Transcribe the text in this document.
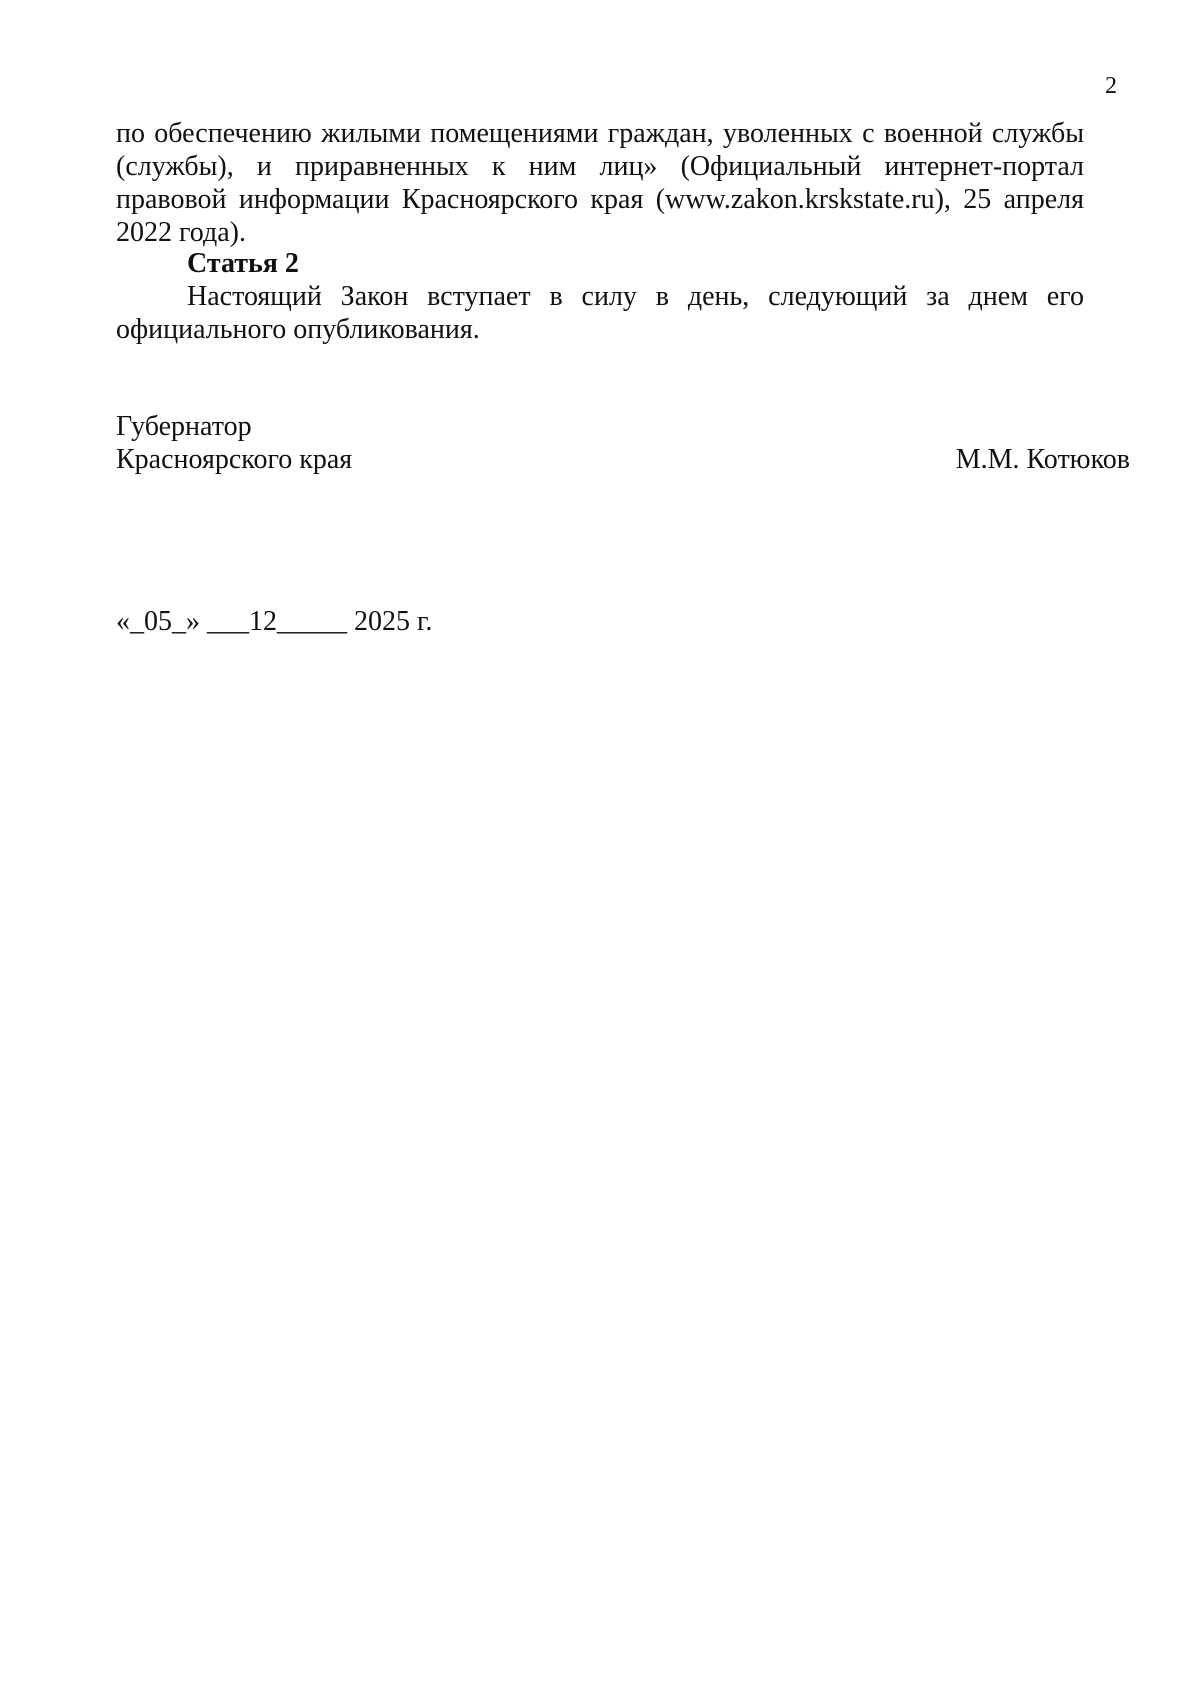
2

по обеспечению жилыми помещениями граждан, уволенных с военной службы (службы), и приравненных к ним лиц» (Официальный интернет-портал правовой информации Красноярского края (www.zakon.krskstate.ru), 25 апреля 2022 года).

Статья 2

Настоящий Закон вступает в силу в день, следующий за днем его официального опубликования.

Губернатор
Красноярского края	М.М. Котюков
«_05_» ___12_____ 2025 г.
